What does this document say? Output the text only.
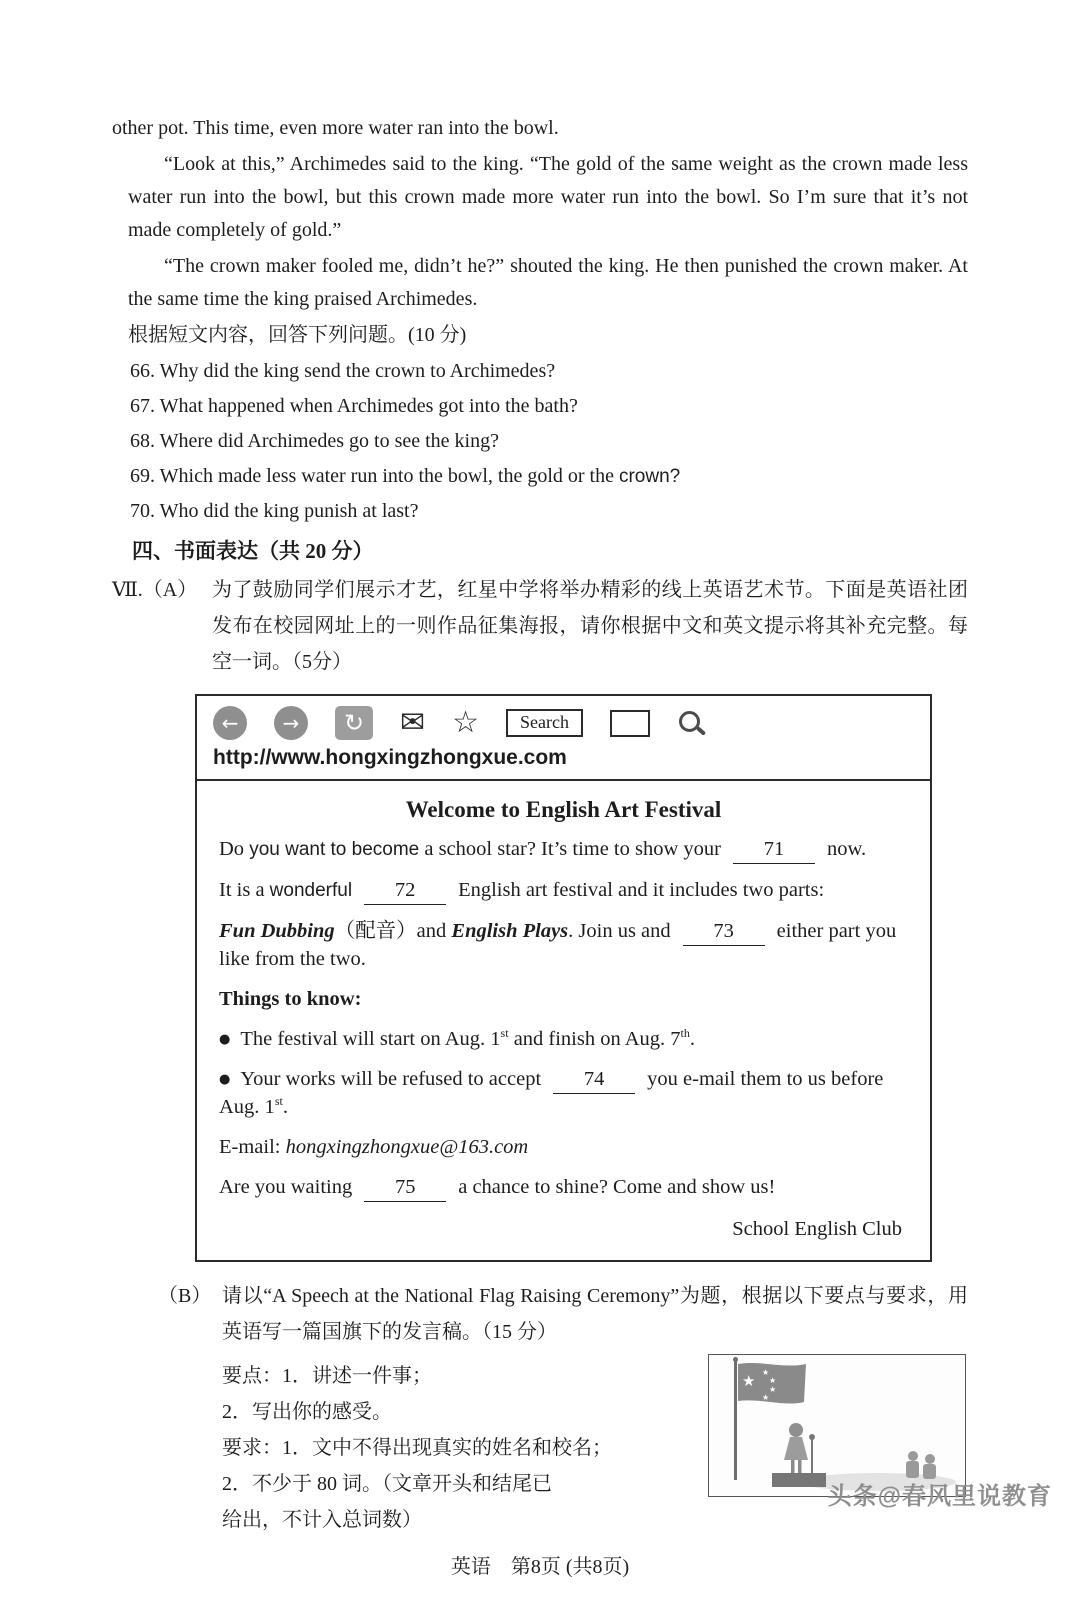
other pot. This time, even more water ran into the bowl.

“Look at this,” Archimedes said to the king. “The gold of the same weight as the crown made less water run into the bowl, but this crown made more water run into the bowl. So I’m sure that it’s not made completely of gold.”

“The crown maker fooled me, didn’t he?” shouted the king. He then punished the crown maker. At the same time the king praised Archimedes.

根据短文内容，回答下列问题。(10 分)

66. Why did the king send the crown to Archimedes?

67. What happened when Archimedes got into the bath?

68. Where did Archimedes go to see the king?

69. Which made less water run into the bowl, the gold or the crown?

70. Who did the king punish at last?

四、书面表达（共 20 分）

Ⅶ.（A） 为了鼓励同学们展示才艺，红星中学将举办精彩的线上英语艺术节。下面是英语社团发布在校园网址上的一则作品征集海报，请你根据中文和英文提示将其补充完整。每空一词。（5分）
←	→	↻ ✉ ☆	Search
http://www.hongxingzhongxue.com
Welcome to English Art Festival

Do you want to become a school star? It’s time to show your 71 now.

It is a wonderful 72 English art festival and it includes two parts:

Fun Dubbing（配音）and English Plays. Join us and 73 either part you like from the two.

Things to know:

● The festival will start on Aug. 1st and finish on Aug. 7th.

● Your works will be refused to accept 74 you e-mail them to us before Aug. 1st.

E-mail: hongxingzhongxue@163.com

Are you waiting 75 a chance to shine? Come and show us!

School English Club

（B） 请以“A Speech at the National Flag Raising Ceremony”为题，根据以下要点与要求，用英语写一篇国旗下的发言稿。（15 分）

要点：1．讲述一件事；

2．写出你的感受。

要求：1．文中不得出现真实的姓名和校名；

2．不少于 80 词。（文章开头和结尾已

给出，不计入总词数）

★ ★
★
★
★

英语　第8页 (共8页)

头条@春风里说教育
